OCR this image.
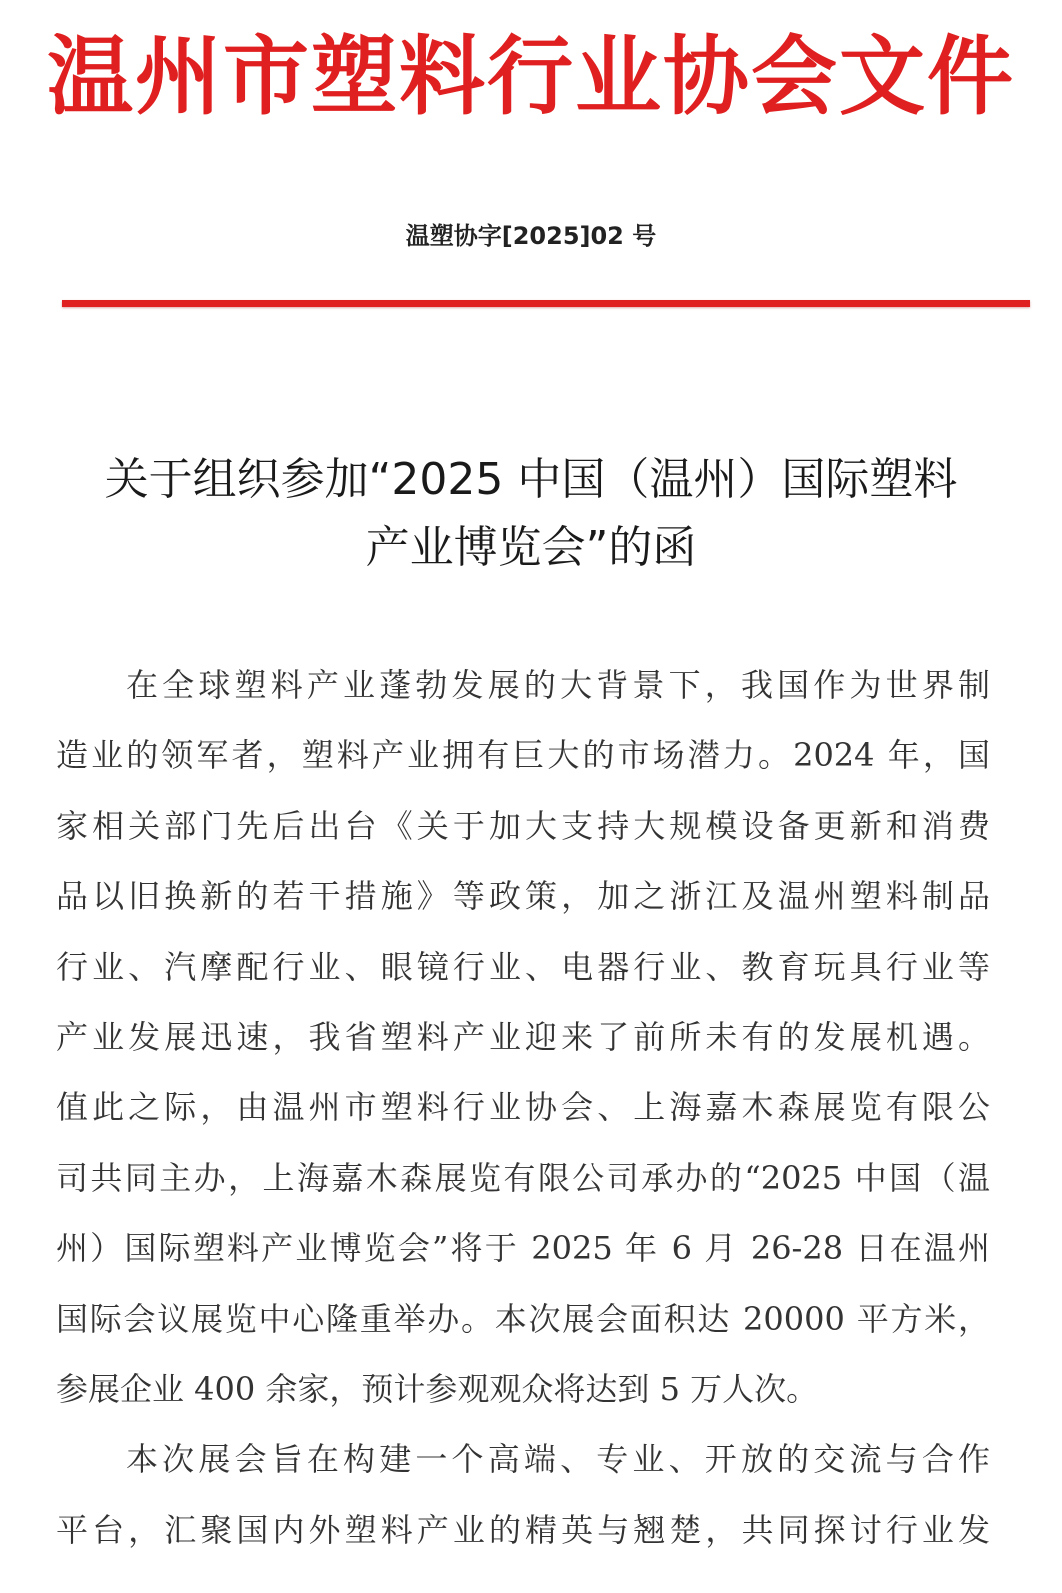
温州市塑料行业协会文件
温塑协字[2025]02 号
关于组织参加“2025 中国（温州）国际塑料
产业博览会”的函
在全球塑料产业蓬勃发展的大背景下，我国作为世界制
造业的领军者，塑料产业拥有巨大的市场潜力。2024 年，国
家相关部门先后出台《关于加大支持大规模设备更新和消费
品以旧换新的若干措施》等政策，加之浙江及温州塑料制品
行业、汽摩配行业、眼镜行业、电器行业、教育玩具行业等
产业发展迅速，我省塑料产业迎来了前所未有的发展机遇。
值此之际，由温州市塑料行业协会、上海嘉木森展览有限公
司共同主办，上海嘉木森展览有限公司承办的“2025 中国（温
州）国际塑料产业博览会”将于 2025 年 6 月 26-28 日在温州
国际会议展览中心隆重举办。本次展会面积达 20000 平方米，
参展企业 400 余家，预计参观观众将达到 5 万人次。
本次展会旨在构建一个高端、专业、开放的交流与合作
平台，汇聚国内外塑料产业的精英与翘楚，共同探讨行业发
